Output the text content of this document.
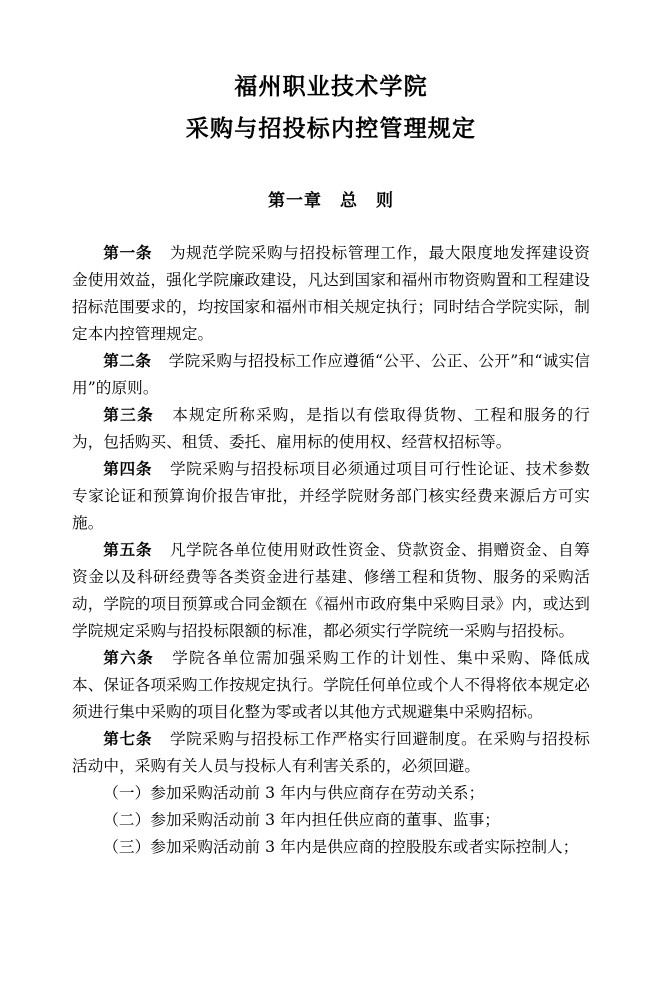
福州职业技术学院
采购与招投标内控管理规定
第一章　总　则

第一条 为规范学院采购与招投标管理工作，最大限度地发挥建设资金使用效益，强化学院廉政建设，凡达到国家和福州市物资购置和工程建设招标范围要求的，均按国家和福州市相关规定执行；同时结合学院实际，制定本内控管理规定。

第二条 学院采购与招投标工作应遵循“公平、公正、公开”和“诚实信用”的原则。

第三条 本规定所称采购，是指以有偿取得货物、工程和服务的行为，包括购买、租赁、委托、雇用标的使用权、经营权招标等。

第四条 学院采购与招投标项目必须通过项目可行性论证、技术参数专家论证和预算询价报告审批，并经学院财务部门核实经费来源后方可实施。

第五条 凡学院各单位使用财政性资金、贷款资金、捐赠资金、自筹资金以及科研经费等各类资金进行基建、修缮工程和货物、服务的采购活动，学院的项目预算或合同金额在《福州市政府集中采购目录》内，或达到学院规定采购与招投标限额的标准，都必须实行学院统一采购与招投标。

第六条 学院各单位需加强采购工作的计划性、集中采购、降低成本、保证各项采购工作按规定执行。学院任何单位或个人不得将依本规定必须进行集中采购的项目化整为零或者以其他方式规避集中采购招标。

第七条 学院采购与招投标工作严格实行回避制度。在采购与招投标活动中，采购有关人员与投标人有利害关系的，必须回避。

（一）参加采购活动前 3 年内与供应商存在劳动关系；

（二）参加采购活动前 3 年内担任供应商的董事、监事；

（三）参加采购活动前 3 年内是供应商的控股股东或者实际控制人；
